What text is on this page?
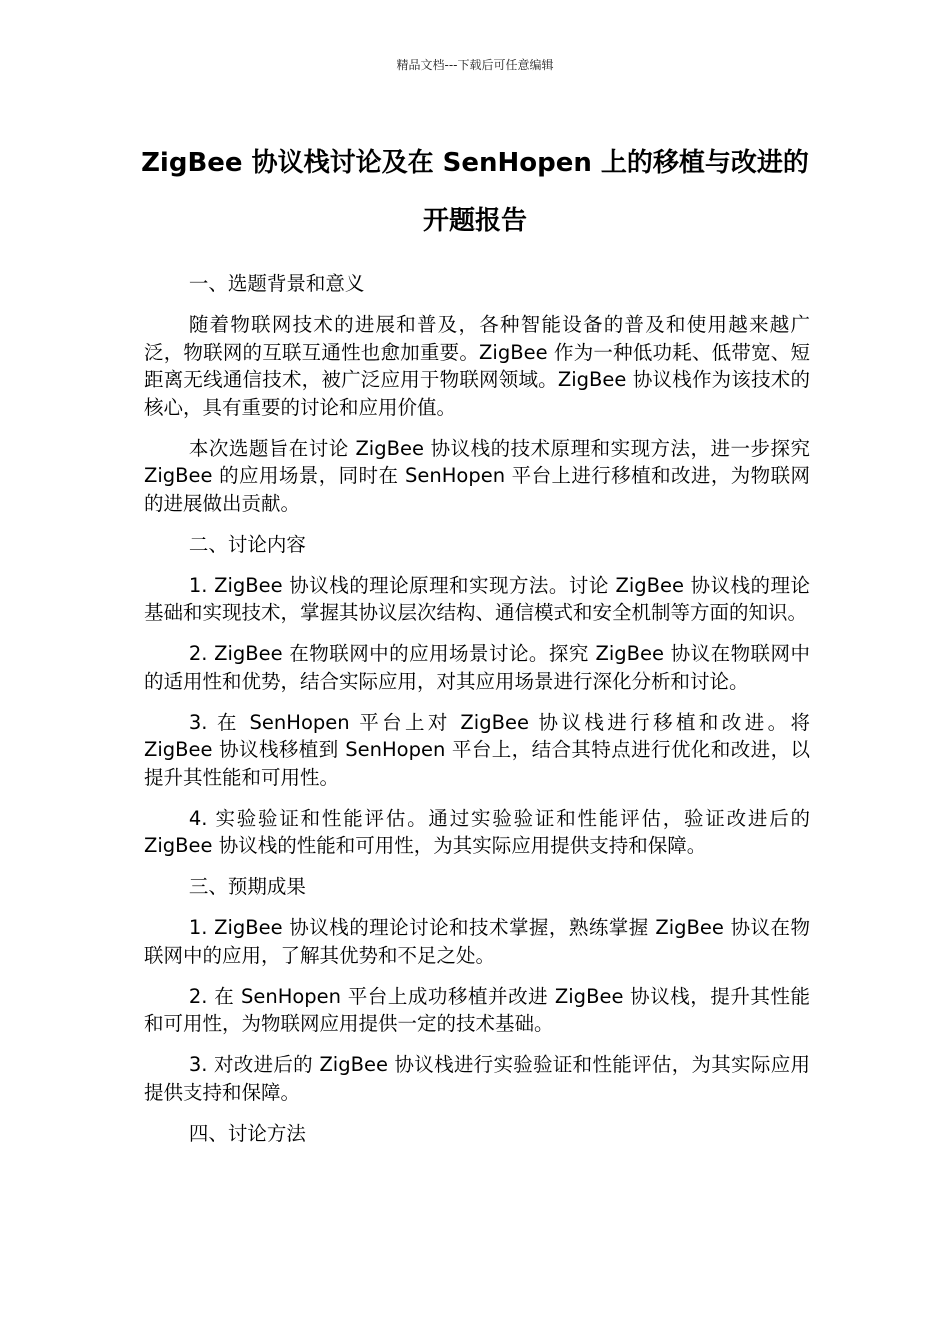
精品文档---下载后可任意编辑
ZigBee 协议栈讨论及在 SenHopen 上的移植与改进的开题报告

一、选题背景和意义

随着物联网技术的进展和普及，各种智能设备的普及和使用越来越广泛，物联网的互联互通性也愈加重要。ZigBee 作为一种低功耗、低带宽、短距离无线通信技术，被广泛应用于物联网领域。ZigBee 协议栈作为该技术的核心，具有重要的讨论和应用价值。

本次选题旨在讨论 ZigBee 协议栈的技术原理和实现方法，进一步探究 ZigBee 的应用场景，同时在 SenHopen 平台上进行移植和改进，为物联网的进展做出贡献。

二、讨论内容

1. ZigBee 协议栈的理论原理和实现方法。讨论 ZigBee 协议栈的理论基础和实现技术，掌握其协议层次结构、通信模式和安全机制等方面的知识。

2. ZigBee 在物联网中的应用场景讨论。探究 ZigBee 协议在物联网中的适用性和优势，结合实际应用，对其应用场景进行深化分析和讨论。

3. 在 SenHopen 平台上对 ZigBee 协议栈进行移植和改进。将 ZigBee 协议栈移植到 SenHopen 平台上，结合其特点进行优化和改进，以提升其性能和可用性。

4. 实验验证和性能评估。通过实验验证和性能评估，验证改进后的 ZigBee 协议栈的性能和可用性，为其实际应用提供支持和保障。

三、预期成果

1. ZigBee 协议栈的理论讨论和技术掌握，熟练掌握 ZigBee 协议在物联网中的应用，了解其优势和不足之处。

2. 在 SenHopen 平台上成功移植并改进 ZigBee 协议栈，提升其性能和可用性，为物联网应用提供一定的技术基础。

3. 对改进后的 ZigBee 协议栈进行实验验证和性能评估，为其实际应用提供支持和保障。

四、讨论方法
